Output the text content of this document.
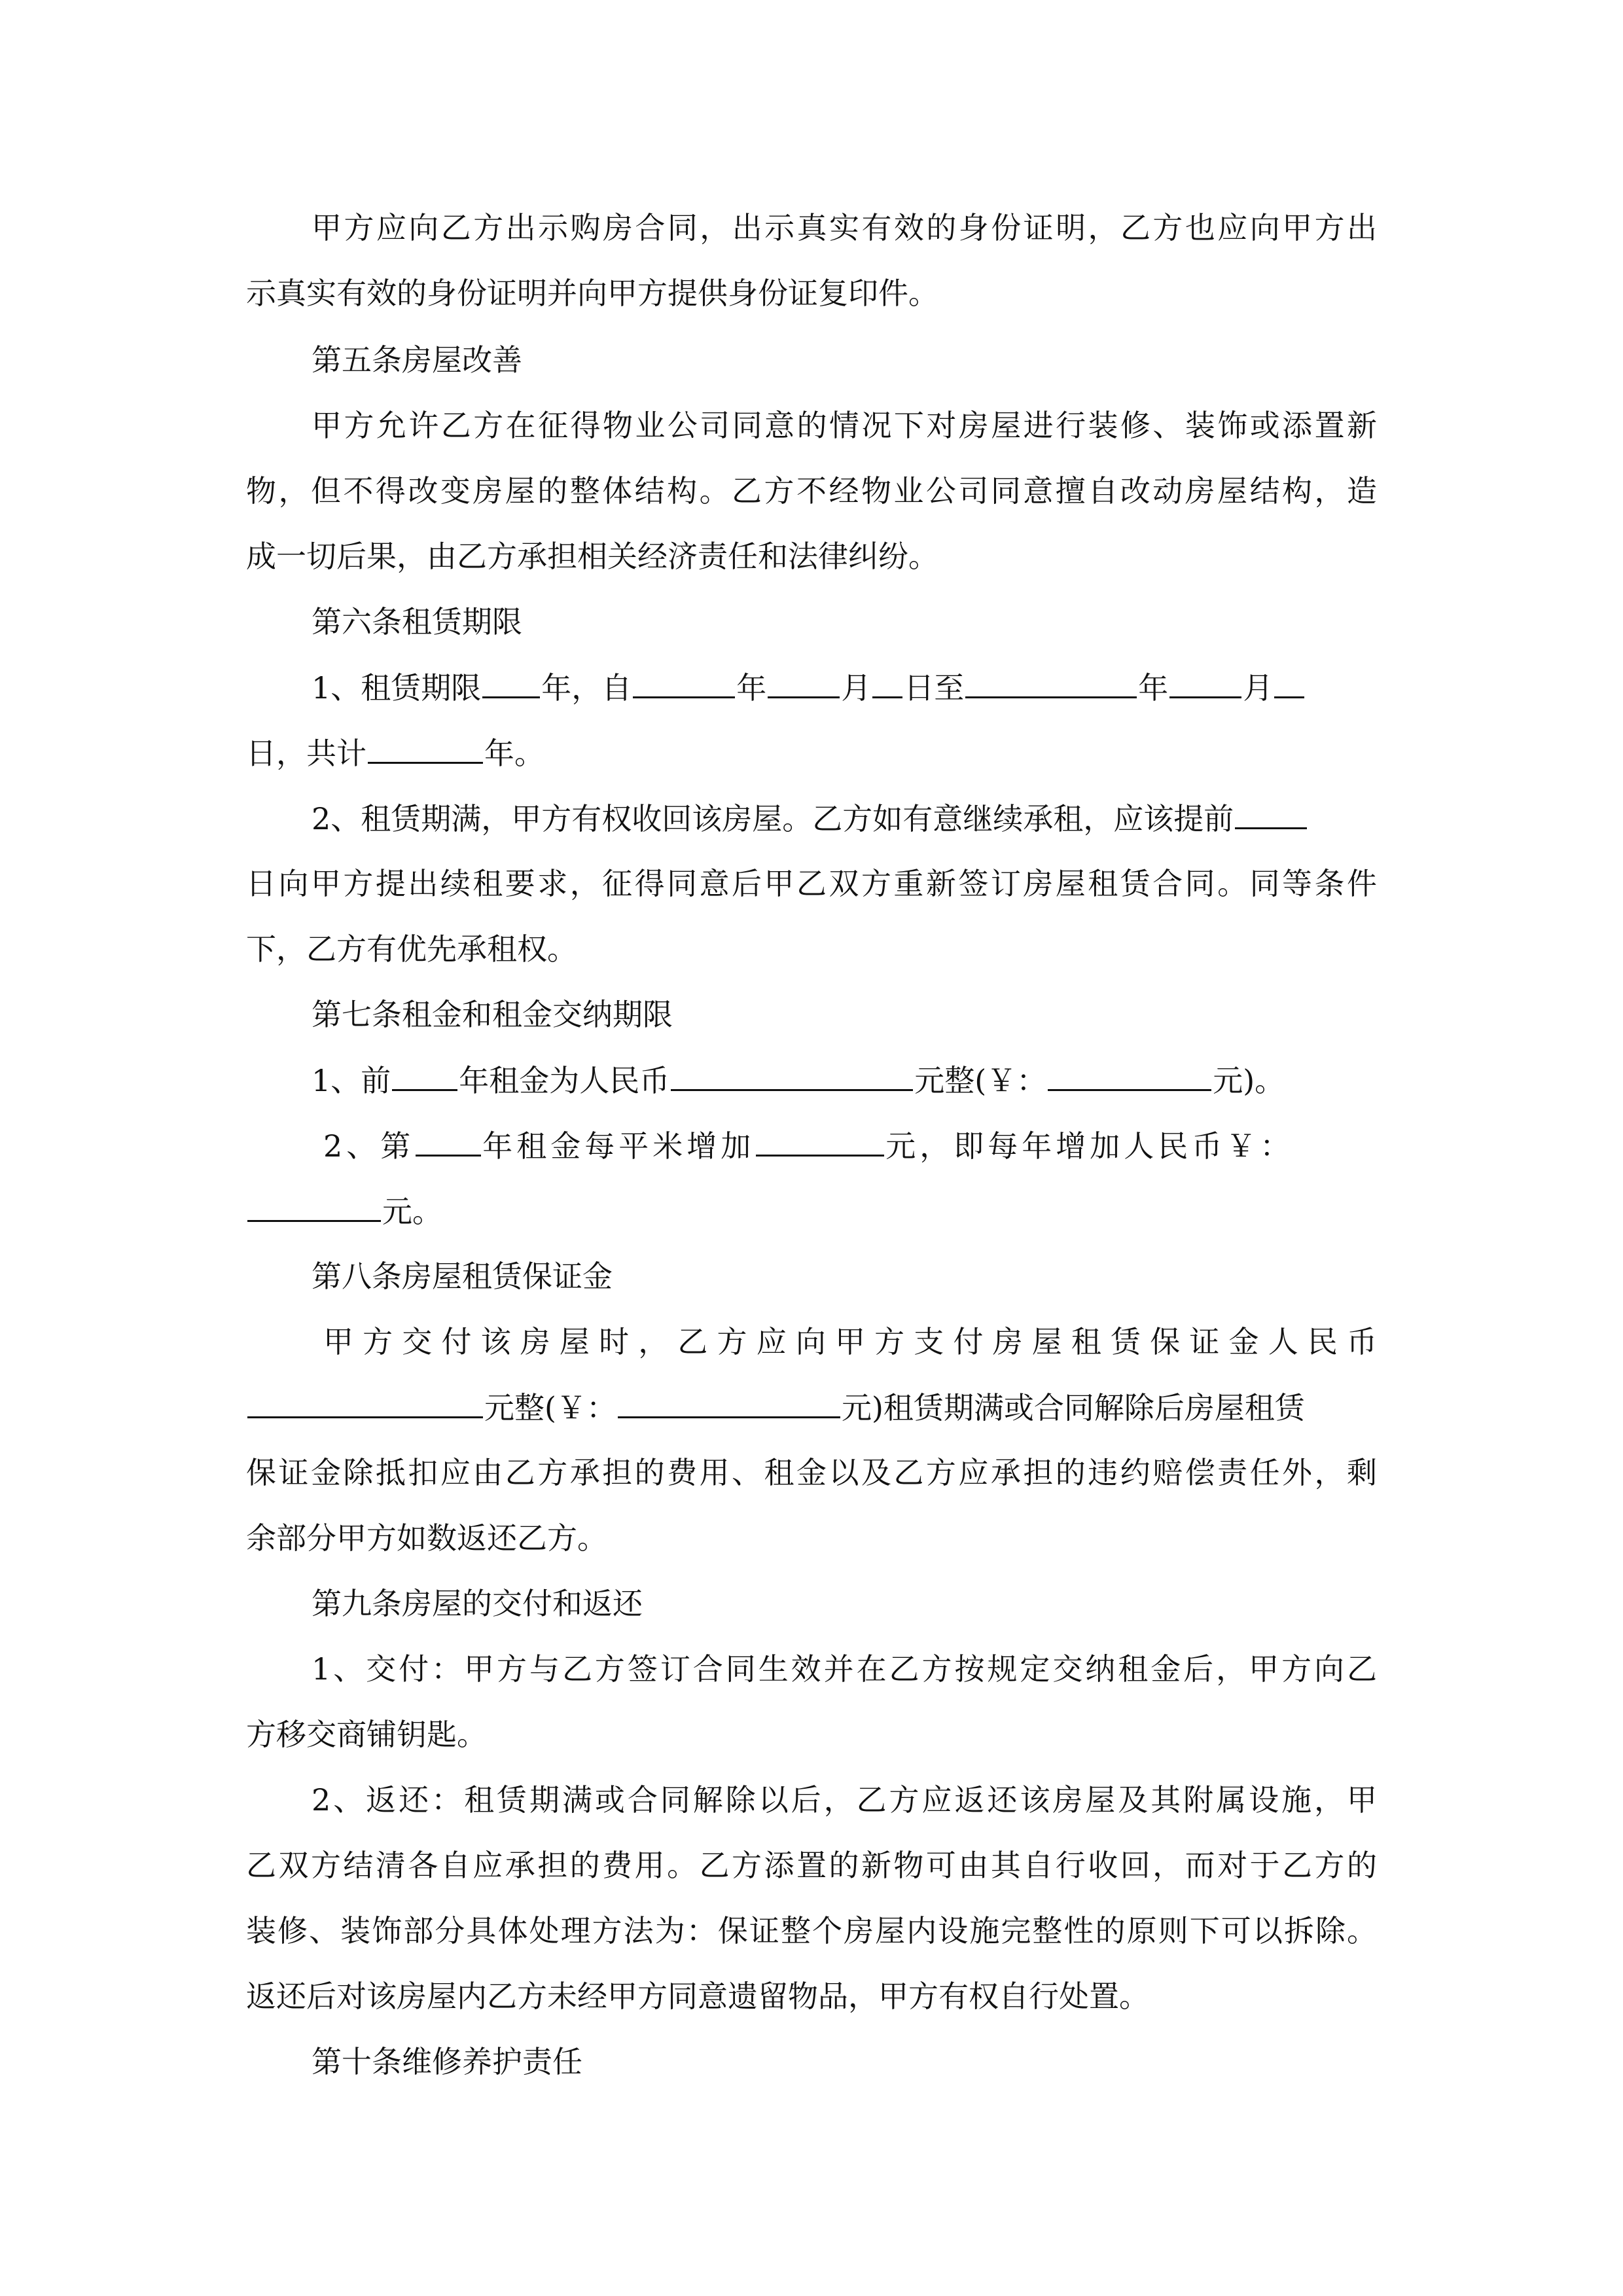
甲方应向乙方出示购房合同，出示真实有效的身份证明，乙方也应向甲方出
示真实有效的身份证明并向甲方提供身份证复印件。
第五条房屋改善
甲方允许乙方在征得物业公司同意的情况下对房屋进行装修、装饰或添置新
物，但不得改变房屋的整体结构。乙方不经物业公司同意擅自改动房屋结构，造
成一切后果，由乙方承担相关经济责任和法律纠纷。
第六条租赁期限
1、租赁期限 年，自	年 月 日至	年 月
日，共计	年。
2、租赁期满，甲方有权收回该房屋。乙方如有意继续承租，应该提前
日向甲方提出续租要求，征得同意后甲乙双方重新签订房屋租赁合同。同等条件
下，乙方有优先承租权。
第七条租金和租金交纳期限
1、前 年租金为人民币	元整(￥：	元)。
2、第 年租金每平米增加	元，即每年增加人民币￥：
元。
第八条房屋租赁保证金
甲方交付该房屋时，乙方应向甲方支付房屋租赁保证金人民币
元整(￥：	元)租赁期满或合同解除后房屋租赁
保证金除抵扣应由乙方承担的费用、租金以及乙方应承担的违约赔偿责任外，剩
余部分甲方如数返还乙方。
第九条房屋的交付和返还
1、交付：甲方与乙方签订合同生效并在乙方按规定交纳租金后，甲方向乙
方移交商铺钥匙。
2、返还：租赁期满或合同解除以后，乙方应返还该房屋及其附属设施，甲
乙双方结清各自应承担的费用。乙方添置的新物可由其自行收回，而对于乙方的
装修、装饰部分具体处理方法为：保证整个房屋内设施完整性的原则下可以拆除。
返还后对该房屋内乙方未经甲方同意遗留物品，甲方有权自行处置。
第十条维修养护责任
